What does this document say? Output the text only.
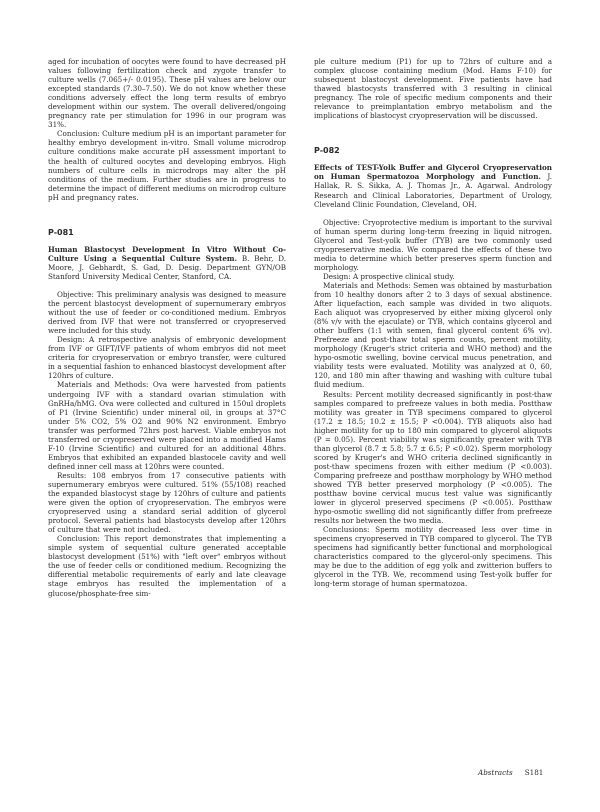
aged for incubation of oocytes were found to have decreased pH values following fertilization check and zygote transfer to culture wells (7.065+/- 0.0195). These pH values are below our excepted standards (7.30–7.50). We do not know whether these conditions adversely effect the long term results of embryo development within our system. The overall delivered/ongoing pregnancy rate per stimulation for 1996 in our program was 31%.

Conclusion: Culture medium pH is an important parameter for healthy embryo development in-vitro. Small volume microdrop culture conditions make accurate pH assessment important to the health of cultured oocytes and developing embryos. High numbers of culture cells in microdrops may alter the pH conditions of the medium. Further studies are in progress to determine the impact of different mediums on microdrop culture pH and pregnancy rates.

P-081

Human Blastocyst Development In Vitro Without Co-Culture Using a Sequential Culture System. B. Behr, D. Moore, J. Gebhardt, S. Gad, D. Desig. Department GYN/OB Stanford University Medical Center, Stanford, CA.

Objective: This preliminary analysis was designed to measure the percent blastocyst development of supernumerary embryos without the use of feeder or co-conditioned medium. Embryos derived from IVF that were not transferred or cryopreserved were included for this study.

Design: A retrospective analysis of embryonic development from IVF or GIFT/IVF patients of whom embryos did not meet criteria for cryopreservation or embryo transfer, were cultured in a sequential fashion to enhanced blastocyst development after 120hrs of culture.

Materials and Methods: Ova were harvested from patients undergoing IVF with a standard ovarian stimulation with GnRHa/hMG. Ova were collected and cultured in 150ul droplets of P1 (Irvine Scientific) under mineral oil, in groups at 37°C under 5% CO2, 5% O2 and 90% N2 environment. Embryo transfer was performed 72hrs post harvest. Viable embryos not transferred or cryopreserved were placed into a modified Hams F-10 (Irvine Scientific) and cultured for an additional 48hrs. Embryos that exhibited an expanded blastocele cavity and well defined inner cell mass at 120hrs were counted.

Results: 108 embryos from 17 consecutive patients with supernumerary embryos were cultured. 51% (55/108) reached the expanded blastocyst stage by 120hrs of culture and patients were given the option of cryopreservation. The embryos were cryopreserved using a standard serial addition of glycerol protocol. Several patients had blastocysts develop after 120hrs of culture that were not included.

Conclusion: This report demonstrates that implementing a simple system of sequential culture generated acceptable blastocyst development (51%) with "left over" embryos without the use of feeder cells or conditioned medium. Recognizing the differential metabolic requirements of early and late cleavage stage embryos has resulted the implementation of a glucose/phosphate-free sim-

ple culture medium (P1) for up to 72hrs of culture and a complex glucose containing medium (Mod. Hams F-10) for subsequent blastocyst development. Five patients have had thawed blastocysts transferred with 3 resulting in clinical pregnancy. The role of specific medium components and their relevance to preimplantation embryo metabolism and the implications of blastocyst cryopreservation will be discussed.

P-082

Effects of TEST-Yolk Buffer and Glycerol Cryopreservation on Human Spermatozoa Morphology and Function. J. Hallak, R. S. Sikka, A. J. Thomas Jr., A. Agarwal. Andrology Research and Clinical Laboratories, Department of Urology, Cleveland Clinic Foundation, Cleveland, OH.

Objective: Cryoprotective medium is important to the survival of human sperm during long-term freezing in liquid nitrogen. Glycerol and Test-yolk buffer (TYB) are two commonly used cryopreservative media. We compared the effects of these two media to determine which better preserves sperm function and morphology.

Design: A prospective clinical study.

Materials and Methods: Semen was obtained by masturbation from 10 healthy donors after 2 to 3 days of sexual abstinence. After liquefaction, each sample was divided in two aliquots. Each aliquot was cryopreserved by either mixing glycerol only (8% v/v with the ejaculate) or TYB, which contains glycerol and other buffers (1:1 with semen, final glycerol content 6% vv). Prefreeze and post-thaw total sperm counts, percent motility, morphology (Kruger's strict criteria and WHO method) and the hypo-osmotic swelling, bovine cervical mucus penetration, and viability tests were evaluated. Motility was analyzed at 0, 60, 120, and 180 min after thawing and washing with culture tubal fluid medium.

Results: Percent motility decreased significantly in post-thaw samples compared to prefreeze values in both media. Postthaw motility was greater in TYB specimens compared to glycerol (17.2 ± 18.5; 10.2 ± 15.5; P <0.004). TYB aliquots also had higher motility for up to 180 min compared to glycerol aliquots (P = 0.05). Percent viability was significantly greater with TYB than glycerol (8.7 ± 5.8; 5.7 ± 6.5; P <0.02). Sperm morphology scored by Kruger's and WHO criteria declined significantly in post-thaw specimens frozen with either medium (P <0.003). Comparing prefreeze and postthaw morphology by WHO method showed TYB better preserved morphology (P <0.005). The postthaw bovine cervical mucus test value was significantly lower in glycerol preserved specimens (P <0.005). Postthaw hypo-osmotic swelling did not significantly differ from prefreeze results nor between the two media.

Conclusions: Sperm motility decreased less over time in specimens cryopreserved in TYB compared to glycerol. The TYB specimens had significantly better functional and morphological characteristics compared to the glycerol-only specimens. This may be due to the addition of egg yolk and zwitterion buffers to glycerol in the TYB. We, recommend using Test-yolk buffer for long-term storage of human spermatozoa.

Abstracts S181
